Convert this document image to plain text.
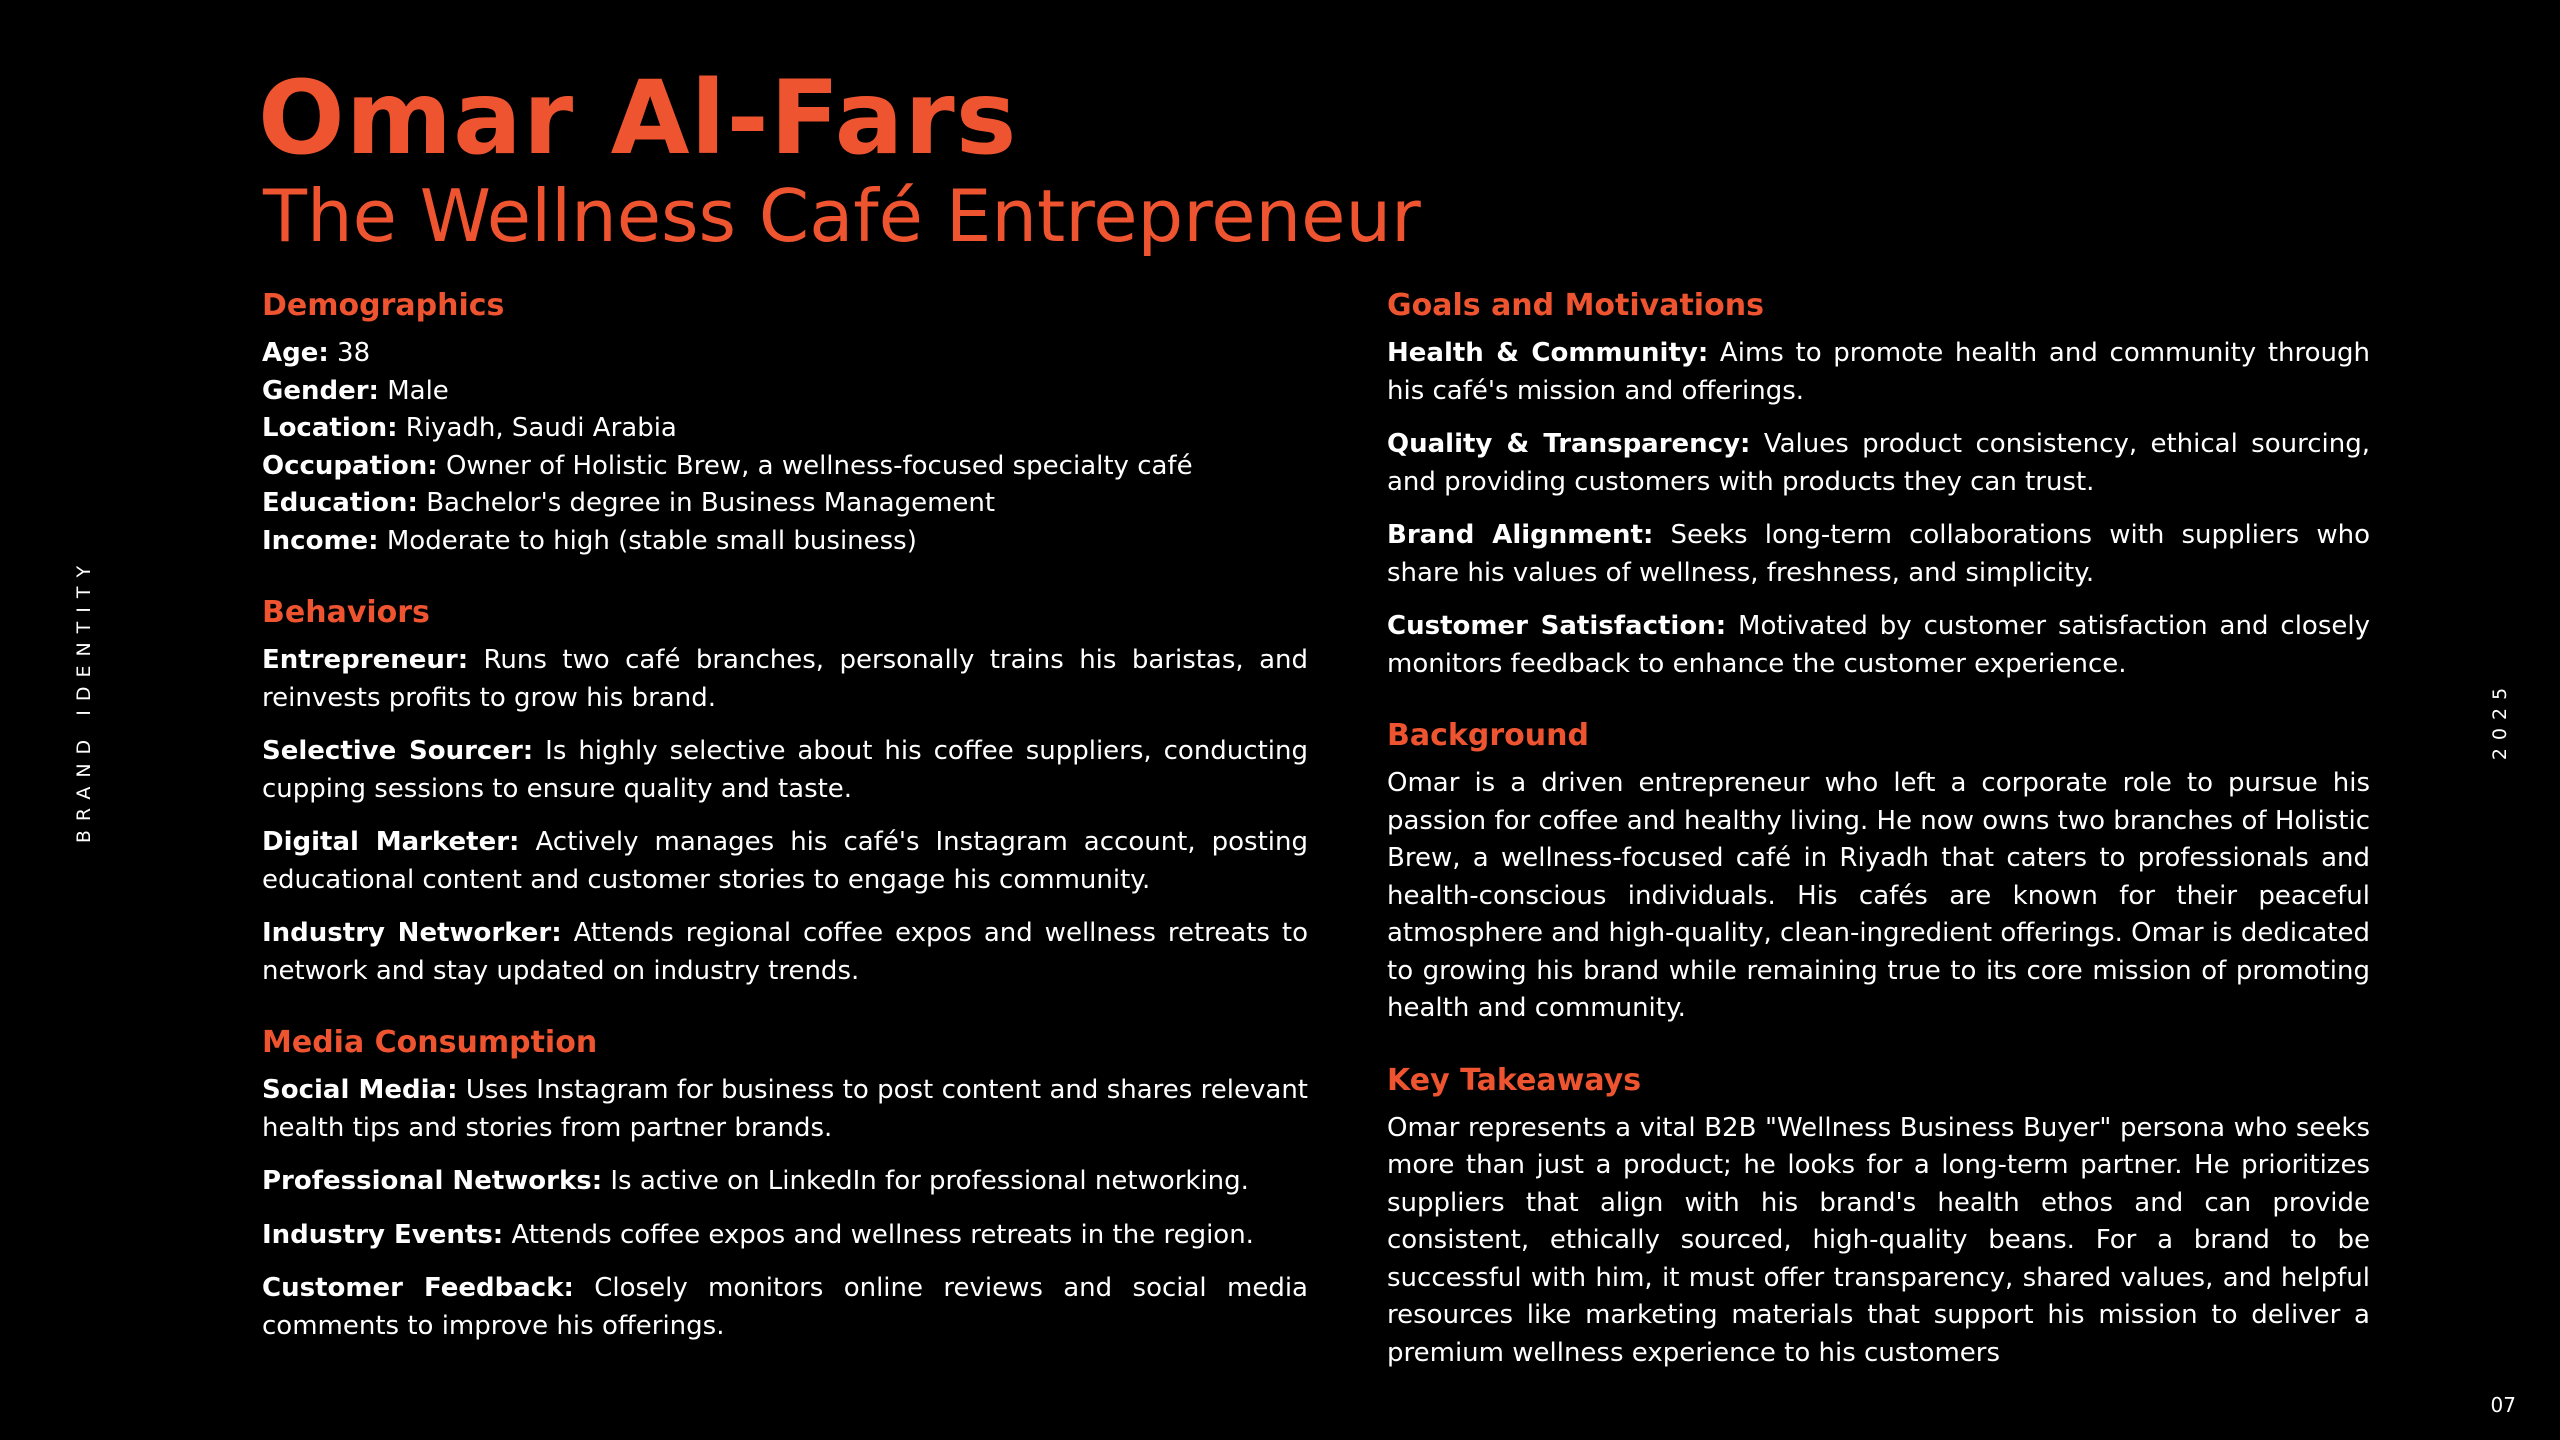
Omar Al-Fars
The Wellness Café Entrepreneur
BRAND IDENTITY	2025
07
Demographics
Age: 38
Gender: Male
Location: Riyadh, Saudi Arabia
Occupation: Owner of Holistic Brew, a wellness-focused specialty café
Education: Bachelor's degree in Business Management
Income: Moderate to high (stable small business)
Behaviors
Entrepreneur: Runs two café branches, personally trains his baristas, and reinvests profits to grow his brand.
Selective Sourcer: Is highly selective about his coffee suppliers, conducting cupping sessions to ensure quality and taste.
Digital Marketer: Actively manages his café's Instagram account, posting educational content and customer stories to engage his community.
Industry Networker: Attends regional coffee expos and wellness retreats to network and stay updated on industry trends.
Media Consumption
Social Media: Uses Instagram for business to post content and shares relevant health tips and stories from partner brands.
Professional Networks: Is active on LinkedIn for professional networking.
Industry Events: Attends coffee expos and wellness retreats in the region.
Customer Feedback: Closely monitors online reviews and social media comments to improve his offerings.
Goals and Motivations
Health & Community: Aims to promote health and community through his café's mission and offerings.
Quality & Transparency: Values product consistency, ethical sourcing, and providing customers with products they can trust.
Brand Alignment: Seeks long-term collaborations with suppliers who share his values of wellness, freshness, and simplicity.
Customer Satisfaction: Motivated by customer satisfaction and closely monitors feedback to enhance the customer experience.
Background
Omar is a driven entrepreneur who left a corporate role to pursue his passion for coffee and healthy living. He now owns two branches of Holistic Brew, a wellness-focused café in Riyadh that caters to professionals and health-conscious individuals. His cafés are known for their peaceful atmosphere and high-quality, clean-ingredient offerings. Omar is dedicated to growing his brand while remaining true to its core mission of promoting health and community.
Key Takeaways
Omar represents a vital B2B "Wellness Business Buyer" persona who seeks more than just a product; he looks for a long-term partner. He prioritizes suppliers that align with his brand's health ethos and can provide consistent, ethically sourced, high-quality beans. For a brand to be successful with him, it must offer transparency, shared values, and helpful resources like marketing materials that support his mission to deliver a premium wellness experience to his customers
